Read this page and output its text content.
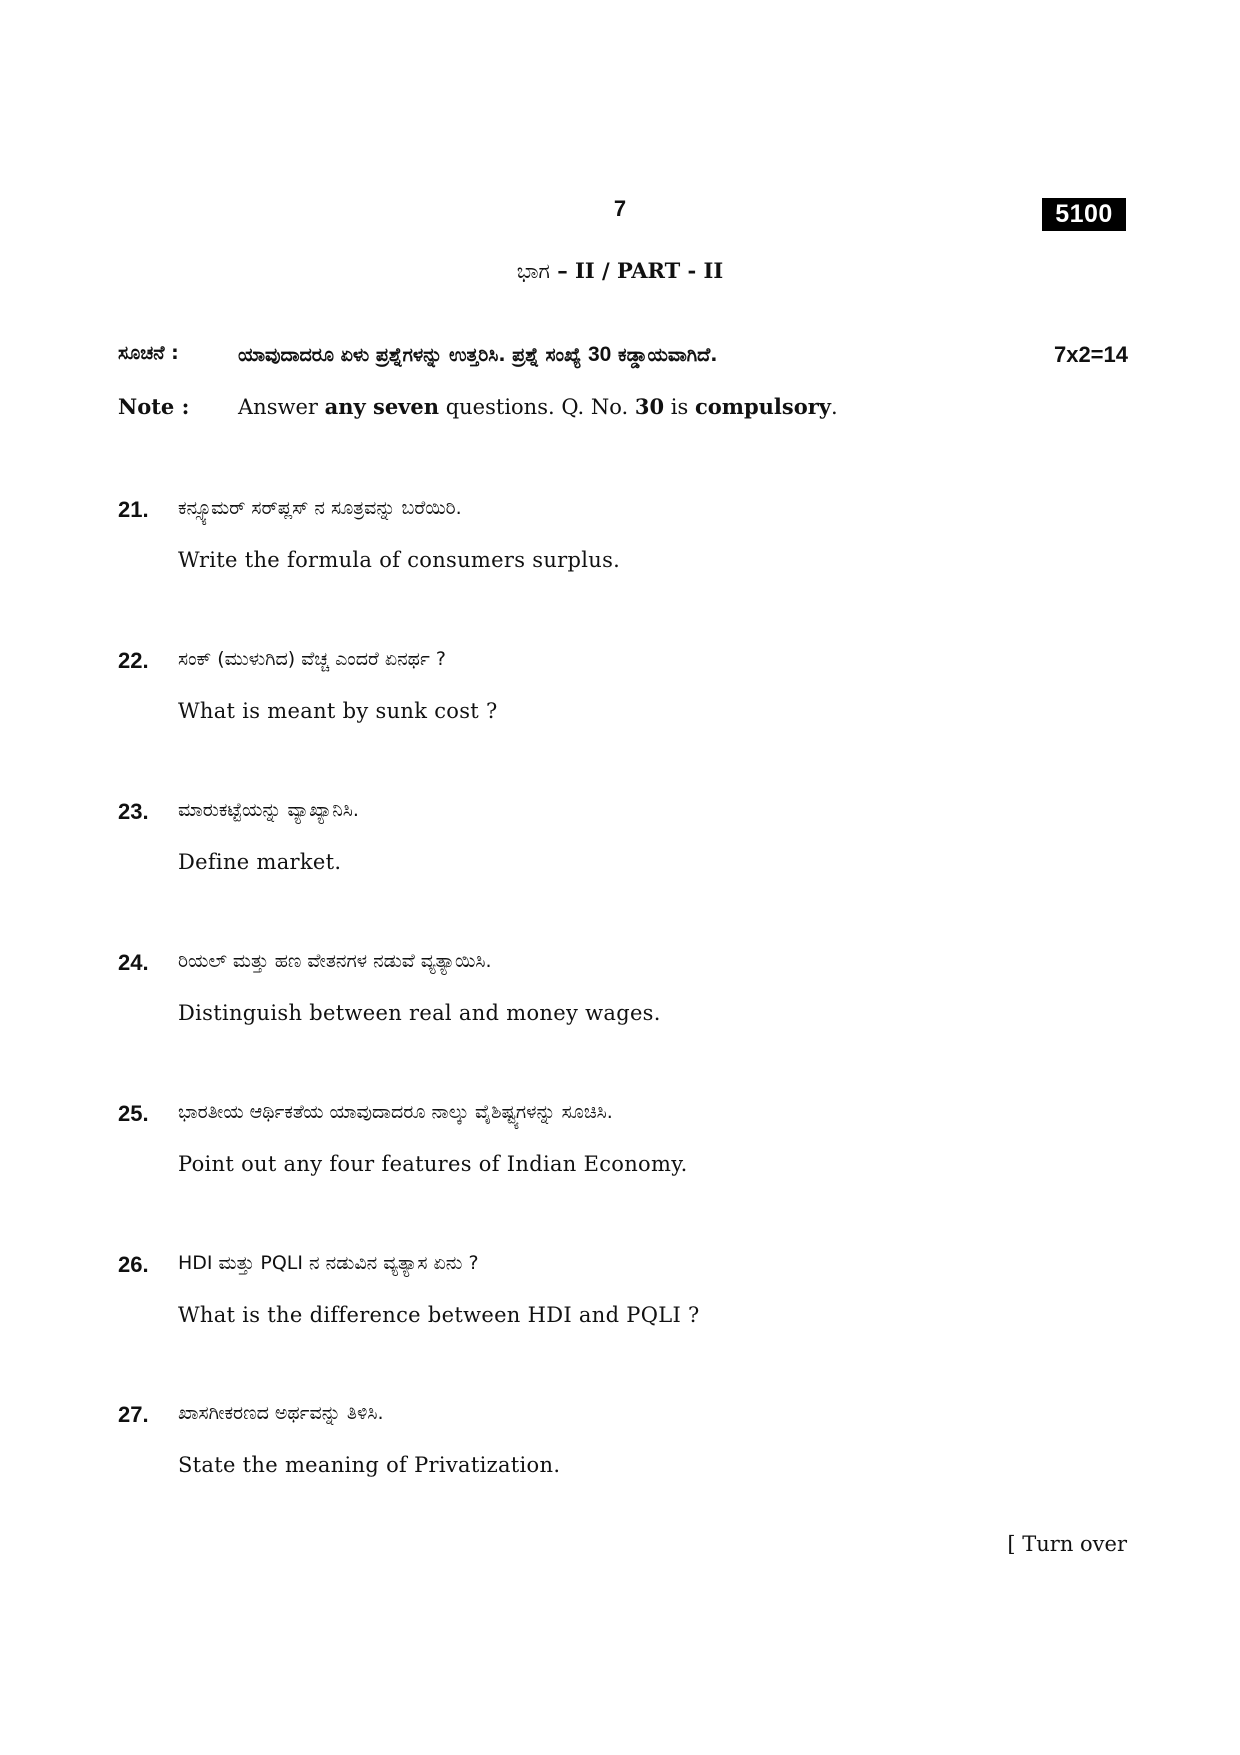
7	5100
ಭಾಗ – II / PART - II
ಸೂಚನೆ :	ಯಾವುದಾದರೂ ಏಳು ಪ್ರಶ್ನೆಗಳನ್ನು ಉತ್ತರಿಸಿ. ಪ್ರಶ್ನೆ ಸಂಖ್ಯೆ 30 ಕಡ್ಡಾಯವಾಗಿದೆ.	7x2=14
Note : Answer any seven questions. Q. No. 30 is compulsory.
21. ಕನ್ಸ್ಯೂಮರ್ ಸರ್‌ಪ್ಲಸ್ ನ ಸೂತ್ರವನ್ನು ಬರೆಯಿರಿ.
Write the formula of consumers surplus.
22. ಸಂಕ್ (ಮುಳುಗಿದ) ವೆಚ್ಚ ಎಂದರೆ ಏನರ್ಥ ?
What is meant by sunk cost ?
23. ಮಾರುಕಟ್ಟೆಯನ್ನು ವ್ಯಾಖ್ಯಾನಿಸಿ.
Define market.
24. ರಿಯಲ್ ಮತ್ತು ಹಣ ವೇತನಗಳ ನಡುವೆ ವ್ಯತ್ಯಾಯಿಸಿ.
Distinguish between real and money wages.
25. ಭಾರತೀಯ ಆರ್ಥಿಕತೆಯ ಯಾವುದಾದರೂ ನಾಲ್ಕು ವೈಶಿಷ್ಟ್ಯಗಳನ್ನು ಸೂಚಿಸಿ.
Point out any four features of Indian Economy.
26. HDI ಮತ್ತು PQLI ನ ನಡುವಿನ ವ್ಯತ್ಯಾಸ ಏನು ?
What is the difference between HDI and PQLI ?
27. ಖಾಸಗೀಕರಣದ ಅರ್ಥವನ್ನು ತಿಳಿಸಿ.
State the meaning of Privatization.
[ Turn over
